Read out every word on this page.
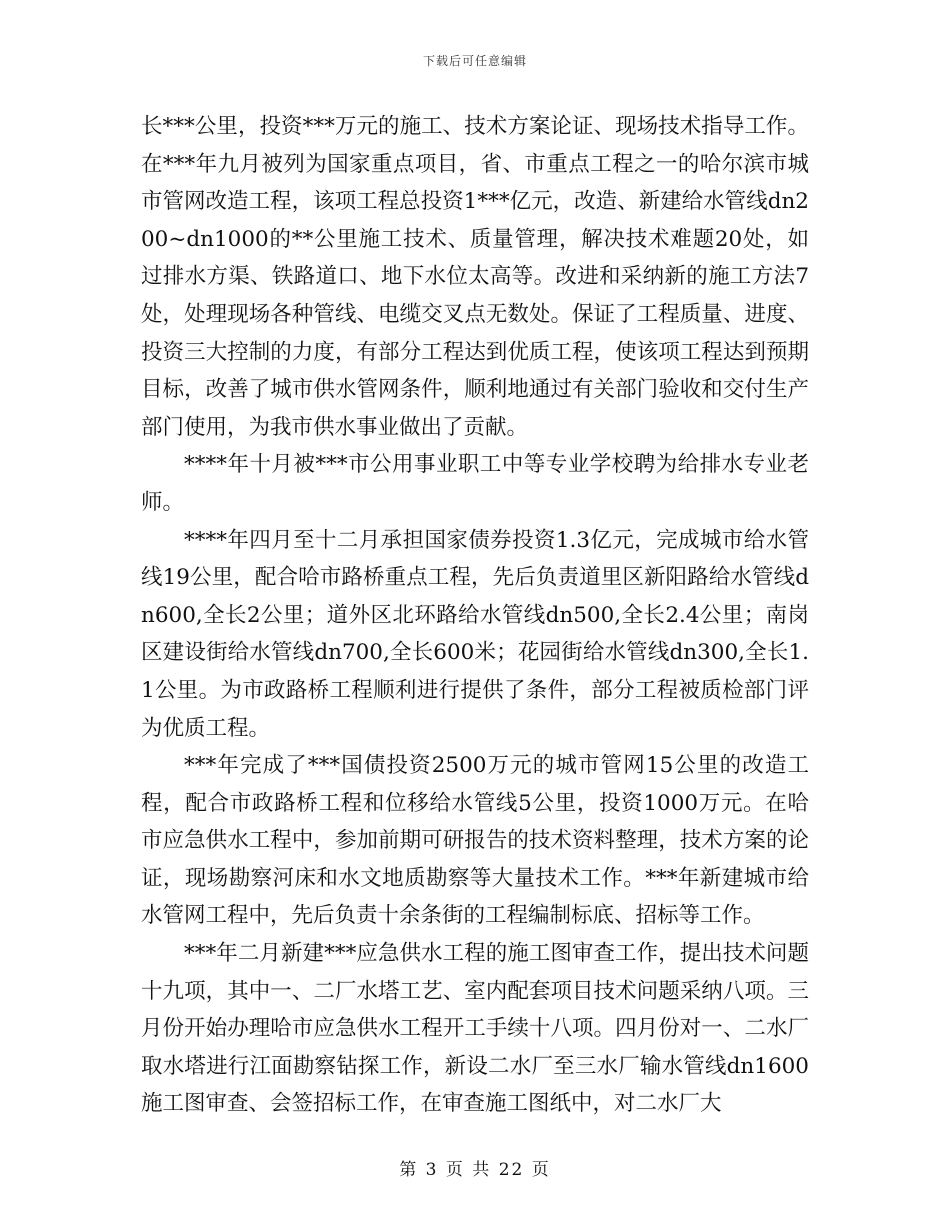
下载后可任意编辑

长***公里，投资***万元的施工、技术方案论证、现场技术指导工作。在***年九月被列为国家重点项目，省、市重点工程之一的哈尔滨市城市管网改造工程，该项工程总投资1***亿元，改造、新建给水管线dn200~dn1000的**公里施工技术、质量管理，解决技术难题20处，如过排水方渠、铁路道口、地下水位太高等。改进和采纳新的施工方法7处，处理现场各种管线、电缆交叉点无数处。保证了工程质量、进度、投资三大控制的力度，有部分工程达到优质工程，使该项工程达到预期目标，改善了城市供水管网条件，顺利地通过有关部门验收和交付生产部门使用，为我市供水事业做出了贡献。

****年十月被***市公用事业职工中等专业学校聘为给排水专业老师。

****年四月至十二月承担国家债券投资1.3亿元，完成城市给水管线19公里，配合哈市路桥重点工程，先后负责道里区新阳路给水管线dn600,全长2公里；道外区北环路给水管线dn500,全长2.4公里；南岗区建设街给水管线dn700,全长600米；花园街给水管线dn300,全长1.1公里。为市政路桥工程顺利进行提供了条件，部分工程被质检部门评为优质工程。

***年完成了***国债投资2500万元的城市管网15公里的改造工程，配合市政路桥工程和位移给水管线5公里，投资1000万元。在哈市应急供水工程中，参加前期可研报告的技术资料整理，技术方案的论证，现场勘察河床和水文地质勘察等大量技术工作。***年新建城市给水管网工程中，先后负责十余条街的工程编制标底、招标等工作。

***年二月新建***应急供水工程的施工图审查工作，提出技术问题十九项，其中一、二厂水塔工艺、室内配套项目技术问题采纳八项。三月份开始办理哈市应急供水工程开工手续十八项。四月份对一、二水厂取水塔进行江面勘察钻探工作，新设二水厂至三水厂输水管线dn1600施工图审查、会签招标工作，在审查施工图纸中，对二水厂大

第 3 页 共 22 页
